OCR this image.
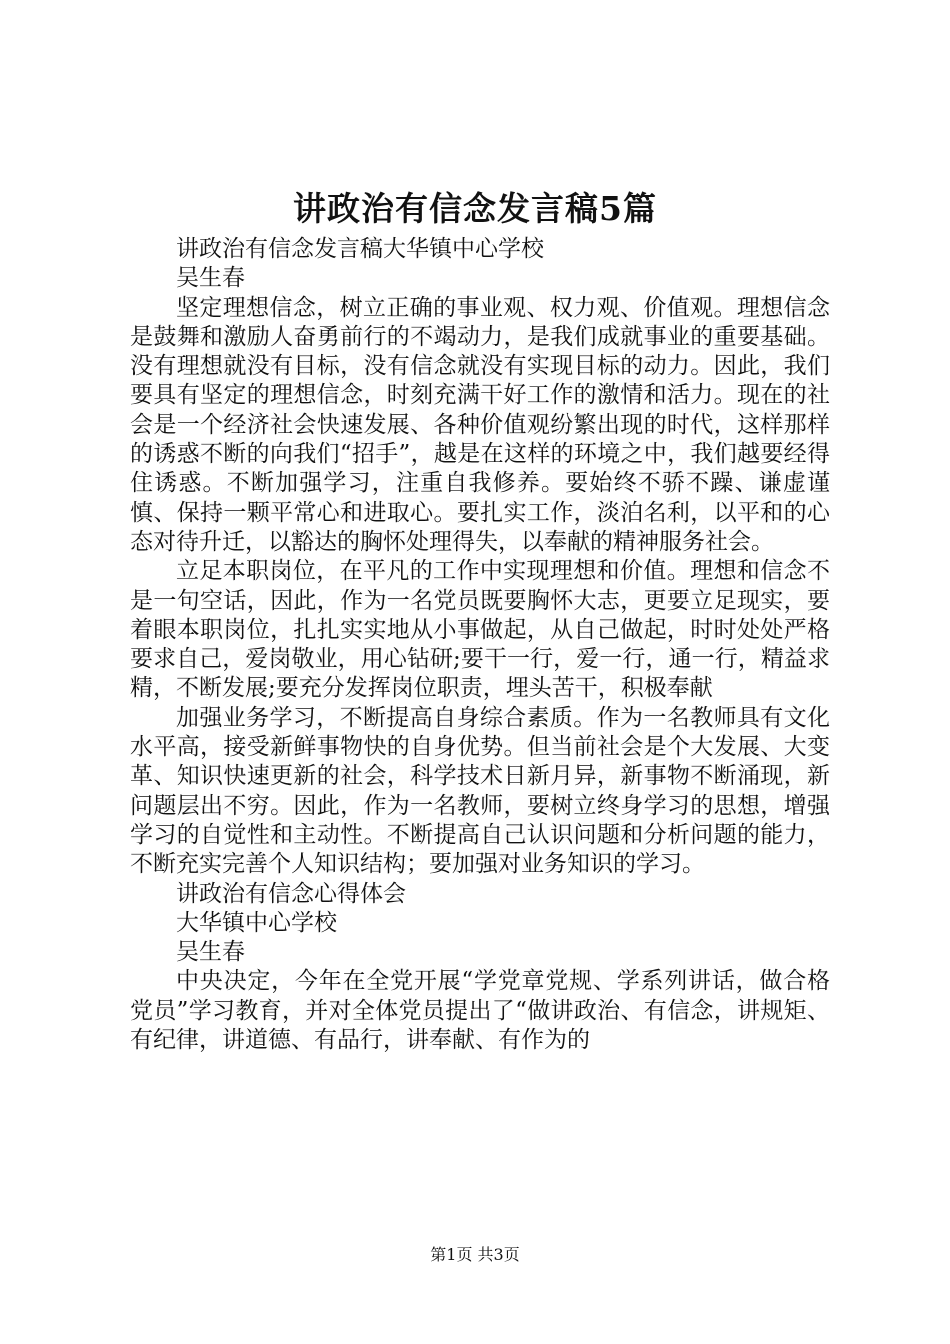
讲政治有信念发言稿5篇

讲政治有信念发言稿大华镇中心学校

吴生春

坚定理想信念，树立正确的事业观、权力观、价值观。理想信念是鼓舞和激励人奋勇前行的不竭动力，是我们成就事业的重要基础。没有理想就没有目标，没有信念就没有实现目标的动力。因此，我们要具有坚定的理想信念，时刻充满干好工作的激情和活力。现在的社会是一个经济社会快速发展、各种价值观纷繁出现的时代，这样那样的诱惑不断的向我们“招手”，越是在这样的环境之中，我们越要经得住诱惑。不断加强学习，注重自我修养。要始终不骄不躁、谦虚谨慎、保持一颗平常心和进取心。要扎实工作，淡泊名利，以平和的心态对待升迁，以豁达的胸怀处理得失，以奉献的精神服务社会。

立足本职岗位，在平凡的工作中实现理想和价值。理想和信念不是一句空话，因此，作为一名党员既要胸怀大志，更要立足现实，要着眼本职岗位，扎扎实实地从小事做起，从自己做起，时时处处严格要求自己，爱岗敬业，用心钻研;要干一行，爱一行，通一行，精益求精，不断发展;要充分发挥岗位职责，埋头苦干，积极奉献

加强业务学习，不断提高自身综合素质。作为一名教师具有文化水平高，接受新鲜事物快的自身优势。但当前社会是个大发展、大变革、知识快速更新的社会，科学技术日新月异，新事物不断涌现，新问题层出不穷。因此，作为一名教师，要树立终身学习的思想，增强学习的自觉性和主动性。不断提高自己认识问题和分析问题的能力，不断充实完善个人知识结构；要加强对业务知识的学习。

讲政治有信念心得体会

大华镇中心学校

吴生春

中央决定，今年在全党开展“学党章党规、学系列讲话，做合格党员”学习教育，并对全体党员提出了“做讲政治、有信念，讲规矩、有纪律，讲道德、有品行，讲奉献、有作为的

第1页 共3页
